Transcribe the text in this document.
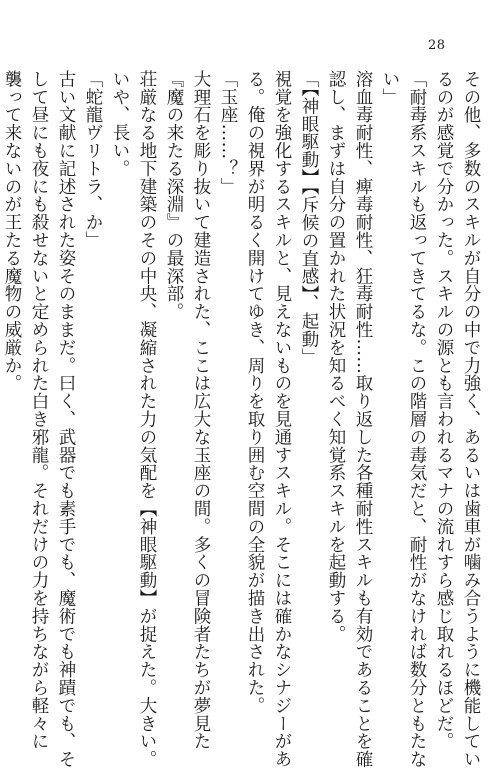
28
その他、多数のスキルが自分の中で力強く、あるいは歯車が噛み合うように機能してい
るのが感覚で分かった。スキルの源とも言われるマナの流れすら感じ取れるほどだ。
「耐毒系スキルも返ってきてるな。この階層の毒気だと、耐性がなければ数分ともたな
い」
溶血毒耐性、痺毒耐性、狂毒耐性……取り返した各種耐性スキルも有効であることを確
認し、まずは自分の置かれた状況を知るべく知覚系スキルを起動する。
「【神眼駆動】【斥候の直感】、起動」
視覚を強化するスキルと、見えないものを見通すスキル。そこには確かなシナジーがあ
る。俺の視界が明るく開けてゆき、周りを取り囲む空間の全貌が描き出された。
「玉座……？」
大理石を彫り抜いて建造された、ここは広大な玉座の間。多くの冒険者たちが夢見た
『魔の来たる深淵』の最深部。
荘厳なる地下建築のその中央、凝縮された力の気配を【神眼駆動】が捉えた。大きい。
いや、長い。
「蛇龍ヴリトラ、か」
古い文献に記述された姿そのままだ。曰く、武器でも素手でも、魔術でも神蹟でも、そ
して昼にも夜にも殺せないと定められた白き邪龍。それだけの力を持ちながら軽々に
襲って来ないのが王たる魔物の威厳か。
